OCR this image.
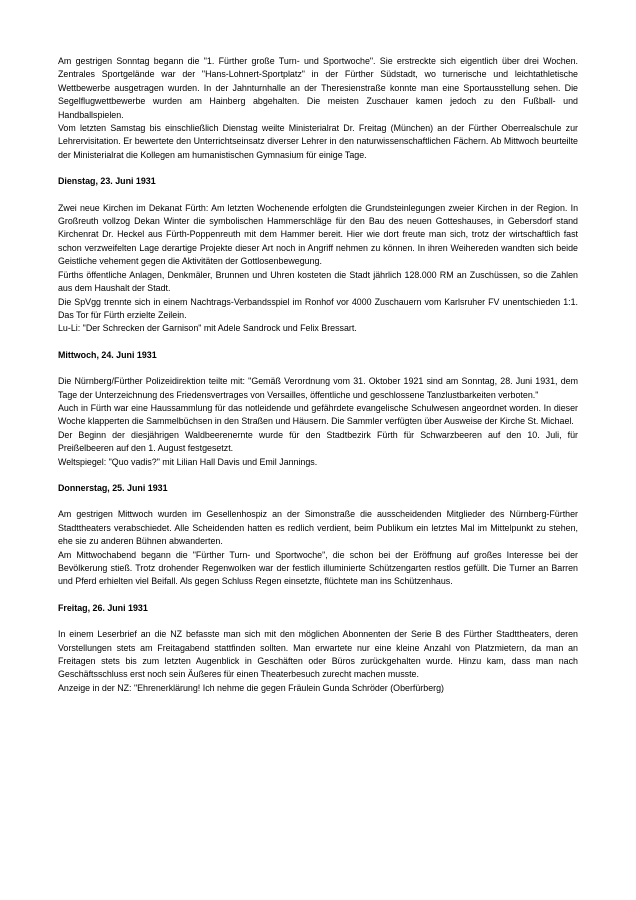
Am gestrigen Sonntag begann die "1. Fürther große Turn- und Sportwoche". Sie erstreckte sich eigentlich über drei Wochen. Zentrales Sportgelände war der "Hans-Lohnert-Sportplatz" in der Fürther Südstadt, wo turnerische und leichtathletische Wettbewerbe ausgetragen wurden. In der Jahnturnhalle an der Theresienstraße konnte man eine Sportausstellung sehen. Die Segelflugwettbewerbe wurden am Hainberg abgehalten. Die meisten Zuschauer kamen jedoch zu den Fußball- und Handballspielen.

Vom letzten Samstag bis einschließlich Dienstag weilte Ministerialrat Dr. Freitag (München) an der Fürther Oberrealschule zur Lehrervisitation. Er bewertete den Unterrichtseinsatz diverser Lehrer in den naturwissenschaftlichen Fächern. Ab Mittwoch beurteilte der Ministerialrat die Kollegen am humanistischen Gymnasium für einige Tage.

Dienstag, 23. Juni 1931

Zwei neue Kirchen im Dekanat Fürth: Am letzten Wochenende erfolgten die Grundsteinlegungen zweier Kirchen in der Region. In Großreuth vollzog Dekan Winter die symbolischen Hammerschläge für den Bau des neuen Gotteshauses, in Gebersdorf stand Kirchenrat Dr. Heckel aus Fürth-Poppenreuth mit dem Hammer bereit. Hier wie dort freute man sich, trotz der wirtschaftlich fast schon verzweifelten Lage derartige Projekte dieser Art noch in Angriff nehmen zu können. In ihren Weihereden wandten sich beide Geistliche vehement gegen die Aktivitäten der Gottlosenbewegung.

Fürths öffentliche Anlagen, Denkmäler, Brunnen und Uhren kosteten die Stadt jährlich 128.000 RM an Zuschüssen, so die Zahlen aus dem Haushalt der Stadt.

Die SpVgg trennte sich in einem Nachtrags-Verbandsspiel im Ronhof vor 4000 Zuschauern vom Karlsruher FV unentschieden 1:1. Das Tor für Fürth erzielte Zeilein.

Lu-Li: "Der Schrecken der Garnison" mit Adele Sandrock und Felix Bressart.

Mittwoch, 24. Juni 1931

Die Nürnberg/Fürther Polizeidirektion teilte mit: "Gemäß Verordnung vom 31. Oktober 1921 sind am Sonntag, 28. Juni 1931, dem Tage der Unterzeichnung des Friedensvertrages von Versailles, öffentliche und geschlossene Tanzlustbarkeiten verboten."

Auch in Fürth war eine Haussammlung für das notleidende und gefährdete evangelische Schulwesen angeordnet worden. In dieser Woche klapperten die Sammelbüchsen in den Straßen und Häusern. Die Sammler verfügten über Ausweise der Kirche St. Michael.

Der Beginn der diesjährigen Waldbeerenernte wurde für den Stadtbezirk Fürth für Schwarzbeeren auf den 10. Juli, für Preißelbeeren auf den 1. August festgesetzt.

Weltspiegel: "Quo vadis?" mit Lilian Hall Davis und Emil Jannings.

Donnerstag, 25. Juni 1931

Am gestrigen Mittwoch wurden im Gesellenhospiz an der Simonstraße die ausscheidenden Mitglieder des Nürnberg-Fürther Stadttheaters verabschiedet. Alle Scheidenden hatten es redlich verdient, beim Publikum ein letztes Mal im Mittelpunkt zu stehen, ehe sie zu anderen Bühnen abwanderten.

Am Mittwochabend begann die "Fürther Turn- und Sportwoche", die schon bei der Eröffnung auf großes Interesse bei der Bevölkerung stieß. Trotz drohender Regenwolken war der festlich illuminierte Schützengarten restlos gefüllt. Die Turner an Barren und Pferd erhielten viel Beifall. Als gegen Schluss Regen einsetzte, flüchtete man ins Schützenhaus.

Freitag, 26. Juni 1931

In einem Leserbrief an die NZ befasste man sich mit den möglichen Abonnenten der Serie B des Fürther Stadttheaters, deren Vorstellungen stets am Freitagabend stattfinden sollten. Man erwartete nur eine kleine Anzahl von Platzmietern, da man an Freitagen stets bis zum letzten Augenblick in Geschäften oder Büros zurückgehalten wurde. Hinzu kam, dass man nach Geschäftsschluss erst noch sein Äußeres für einen Theaterbesuch zurecht machen musste.

Anzeige in der NZ: "Ehrenerklärung! Ich nehme die gegen Fräulein Gunda Schröder (Oberfürberg)
